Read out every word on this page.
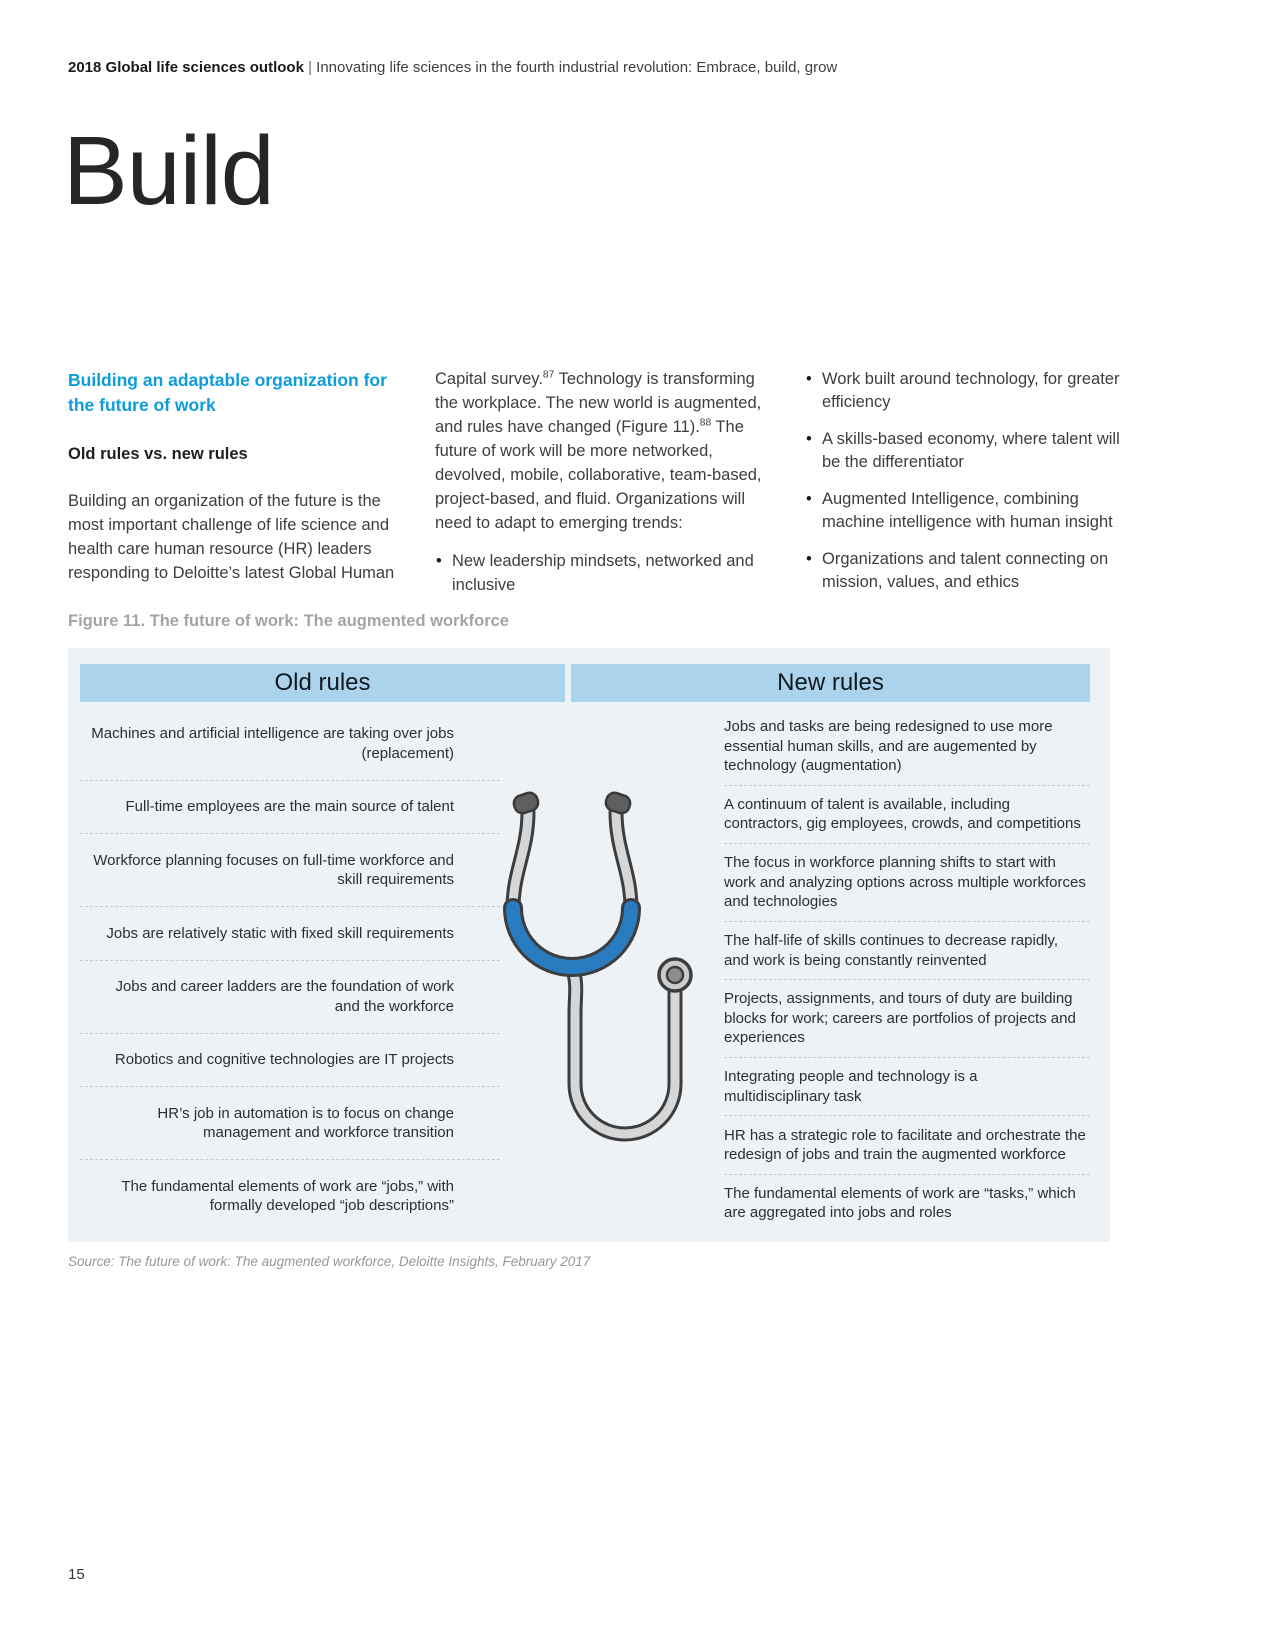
2018 Global life sciences outlook | Innovating life sciences in the fourth industrial revolution: Embrace, build, grow
Build
Building an adaptable organization for the future of work
Old rules vs. new rules

Building an organization of the future is the most important challenge of life science and health care human resource (HR) leaders responding to Deloitte’s latest Global Human

Capital survey.$^{87}$ Technology is transforming the workplace. The new world is augmented, and rules have changed (Figure 11).$^{88}$ The future of work will be more networked, devolved, mobile, collaborative, team-based, project-based, and fluid. Organizations will need to adapt to emerging trends:

• New leadership mindsets, networked and inclusive
• Work built around technology, for greater efficiency
• A skills-based economy, where talent will be the differentiator
• Augmented Intelligence, combining machine intelligence with human insight
• Organizations and talent connecting on mission, values, and ethics
Figure 11. The future of work: The augmented workforce
Old rules	New rules
Machines and artificial intelligence are taking over jobs (replacement)
Full-time employees are the main source of talent
Workforce planning focuses on full-time workforce and skill requirements
Jobs are relatively static with fixed skill requirements
Jobs and career ladders are the foundation of work and the workforce
Robotics and cognitive technologies are IT projects
HR’s job in automation is to focus on change management and workforce transition
The fundamental elements of work are “jobs,” with formally developed “job descriptions”
Jobs and tasks are being redesigned to use more essential human skills, and are augemented by technology (augmentation)
A continuum of talent is available, including contractors, gig employees, crowds, and competitions
The focus in workforce planning shifts to start with work and analyzing options across multiple workforces and technologies
The half-life of skills continues to decrease rapidly, and work is being constantly reinvented
Projects, assignments, and tours of duty are building blocks for work; careers are portfolios of projects and experiences
Integrating people and technology is a multidisciplinary task
HR has a strategic role to facilitate and orchestrate the redesign of jobs and train the augmented workforce
The fundamental elements of work are “tasks,” which are aggregated into jobs and roles
Source: The future of work: The augmented workforce, Deloitte Insights, February 2017
15
